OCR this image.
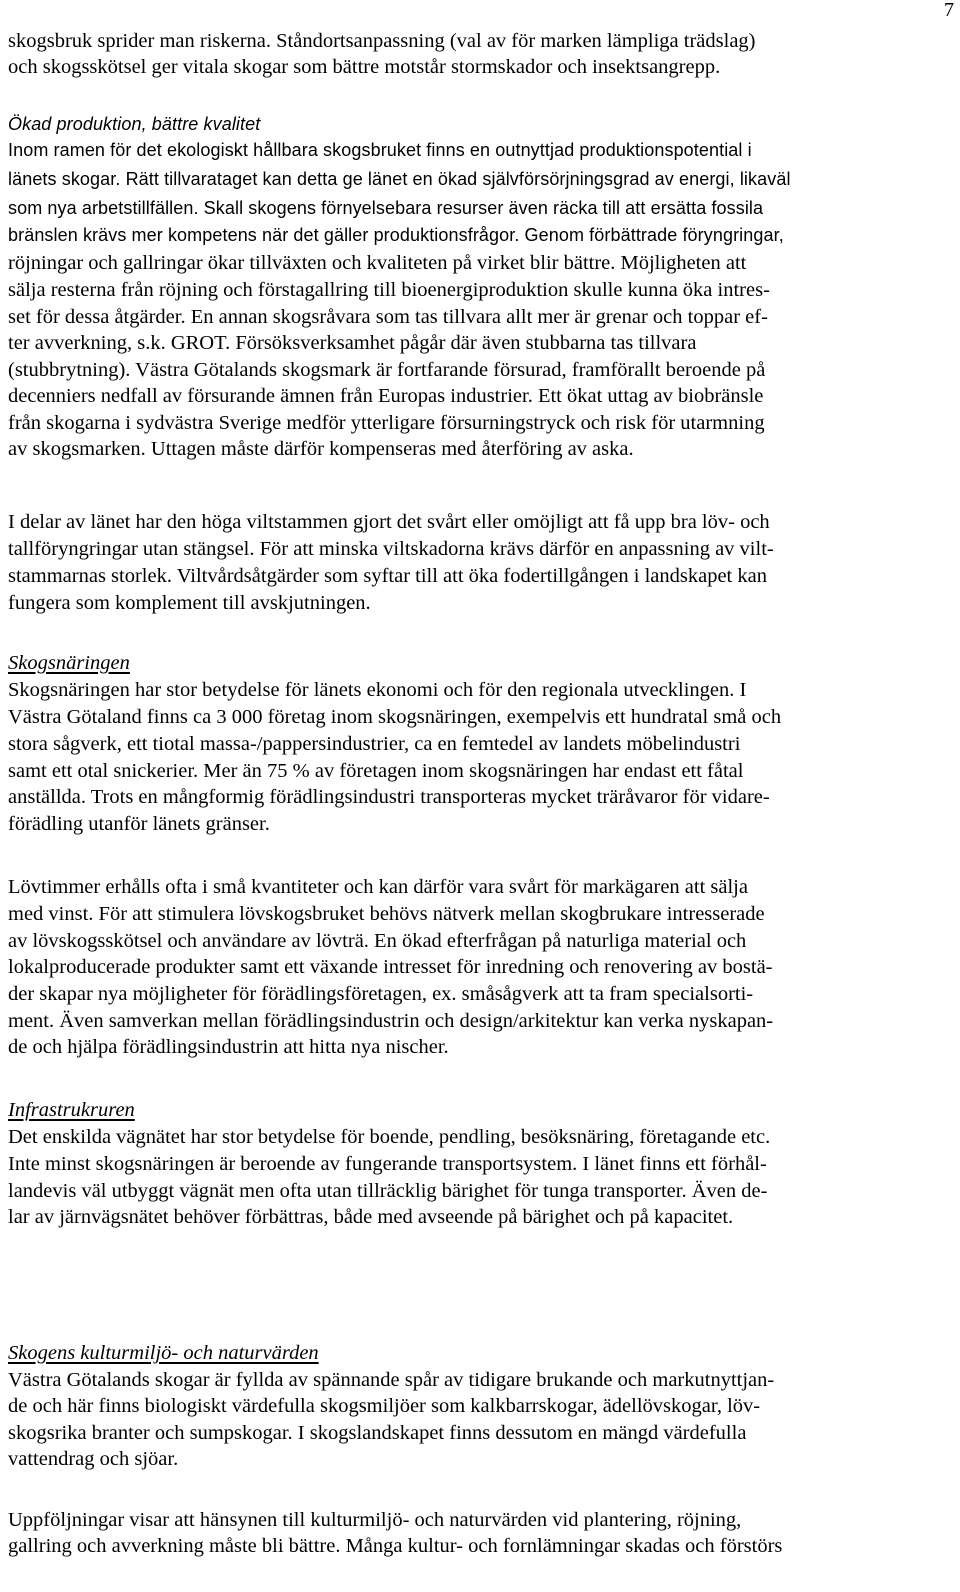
7
skogsbruk sprider man riskerna. Ståndortsanpassning (val av för marken lämpliga trädslag)
och skogsskötsel ger vitala skogar som bättre motstår stormskador och insektsangrepp.
Ökad produktion, bättre kvalitet
Inom ramen för det ekologiskt hållbara skogsbruket finns en outnyttjad produktionspotential i
länets skogar. Rätt tillvarataget kan detta ge länet en ökad självförsörjningsgrad av energi, likaväl
som nya arbetstillfällen. Skall skogens förnyelsebara resurser även räcka till att ersätta fossila
bränslen krävs mer kompetens när det gäller produktionsfrågor. Genom förbättrade föryngringar,
röjningar och gallringar ökar tillväxten och kvaliteten på virket blir bättre. Möjligheten att
sälja resterna från röjning och förstagallring till bioenergiproduktion skulle kunna öka intres-
set för dessa åtgärder. En annan skogsråvara som tas tillvara allt mer är grenar och toppar ef-
ter avverkning, s.k. GROT. Försöksverksamhet pågår där även stubbarna tas tillvara
(stubbrytning). Västra Götalands skogsmark är fortfarande försurad, framförallt beroende på
decenniers nedfall av försurande ämnen från Europas industrier. Ett ökat uttag av biobränsle
från skogarna i sydvästra Sverige medför ytterligare försurningstryck och risk för utarmning
av skogsmarken. Uttagen måste därför kompenseras med återföring av aska.
I delar av länet har den höga viltstammen gjort det svårt eller omöjligt att få upp bra löv- och
tallföryngringar utan stängsel. För att minska viltskadorna krävs därför en anpassning av vilt-
stammarnas storlek. Viltvårdsåtgärder som syftar till att öka fodertillgången i landskapet kan
fungera som komplement till avskjutningen.
Skogsnäringen
Skogsnäringen har stor betydelse för länets ekonomi och för den regionala utvecklingen. I
Västra Götaland finns ca 3 000 företag inom skogsnäringen, exempelvis ett hundratal små och
stora sågverk, ett tiotal massa-/pappersindustrier, ca en femtedel av landets möbelindustri
samt ett otal snickerier. Mer än 75 % av företagen inom skogsnäringen har endast ett fåtal
anställda. Trots en mångformig förädlingsindustri transporteras mycket träråvaror för vidare-
förädling utanför länets gränser.
Lövtimmer erhålls ofta i små kvantiteter och kan därför vara svårt för markägaren att sälja
med vinst. För att stimulera lövskogsbruket behövs nätverk mellan skogbrukare intresserade
av lövskogsskötsel och användare av lövträ. En ökad efterfrågan på naturliga material och
lokalproducerade produkter samt ett växande intresset för inredning och renovering av bostä-
der skapar nya möjligheter för förädlingsföretagen, ex. småsågverk att ta fram specialsorti-
ment. Även samverkan mellan förädlingsindustrin och design/arkitektur kan verka nyskapan-
de och hjälpa förädlingsindustrin att hitta nya nischer.
Infrastrukruren
Det enskilda vägnätet har stor betydelse för boende, pendling, besöksnäring, företagande etc.
Inte minst skogsnäringen är beroende av fungerande transportsystem. I länet finns ett förhål-
landevis väl utbyggt vägnät men ofta utan tillräcklig bärighet för tunga transporter. Även de-
lar av järnvägsnätet behöver förbättras, både med avseende på bärighet och på kapacitet.
Skogens kulturmiljö- och naturvärden
Västra Götalands skogar är fyllda av spännande spår av tidigare brukande och markutnyttjan-
de och här finns biologiskt värdefulla skogsmiljöer som kalkbarrskogar, ädellövskogar, löv-
skogsrika branter och sumpskogar. I skogslandskapet finns dessutom en mängd värdefulla
vattendrag och sjöar.
Uppföljningar visar att hänsynen till kulturmiljö- och naturvärden vid plantering, röjning,
gallring och avverkning måste bli bättre. Många kultur- och fornlämningar skadas och förstörs
